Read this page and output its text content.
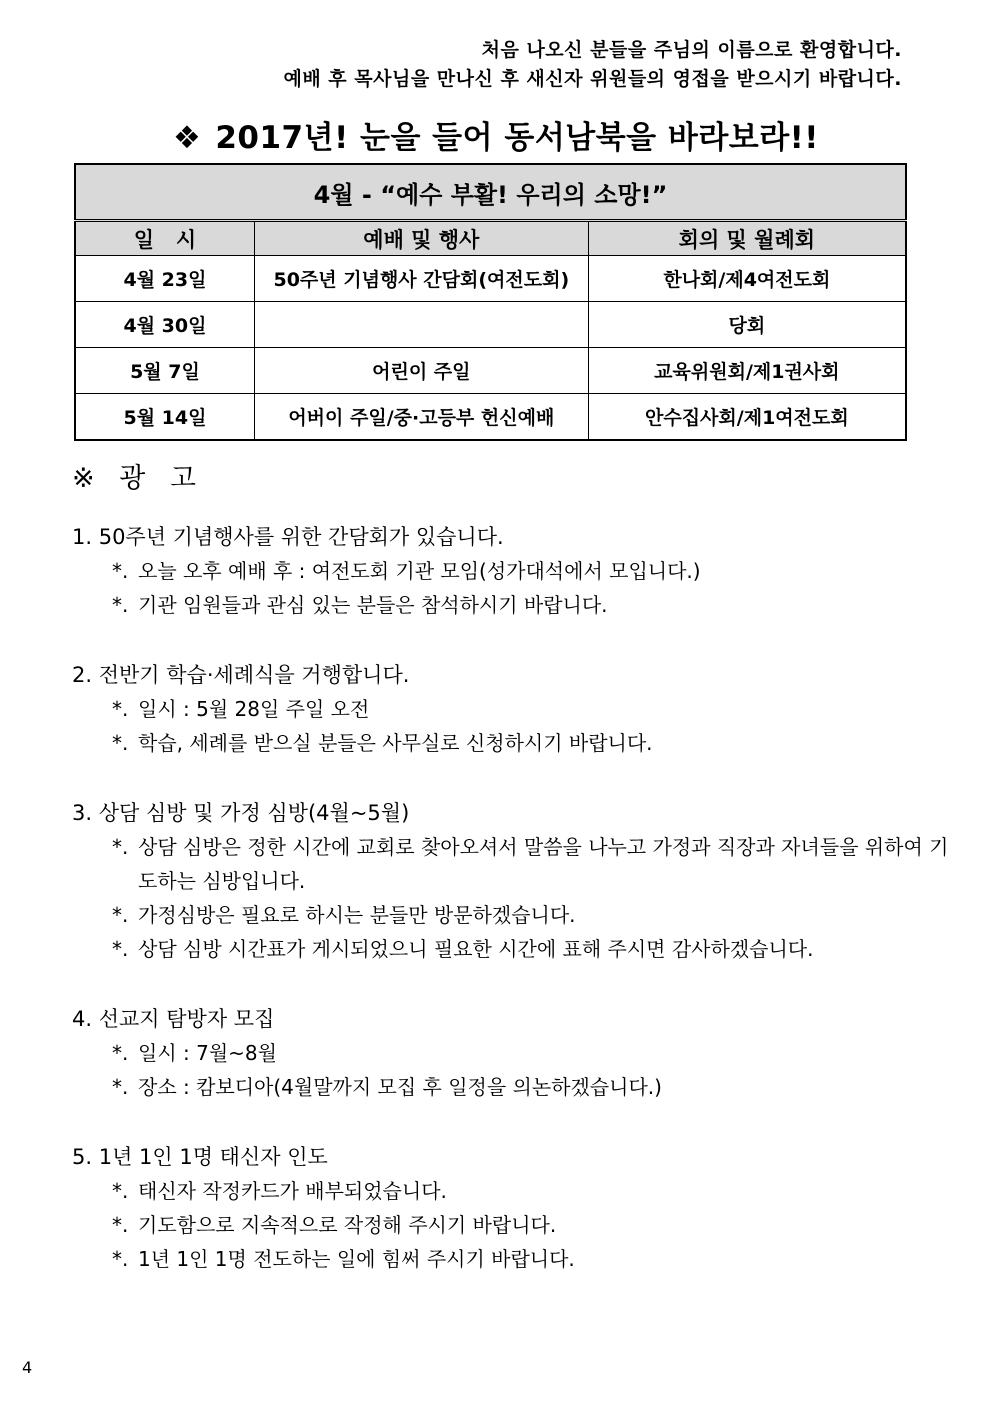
처음 나오신 분들을 주님의 이름으로 환영합니다.
예배 후 목사님을 만나신 후 새신자 위원들의 영접을 받으시기 바랍니다.
❖ 2017년! 눈을 들어 동서남북을 바라보라!!
4월 - “예수 부활! 우리의 소망!”		
일   시	예배 및 행사	회의 및 월례회
4월 23일	50주년 기념행사 간담회(여전도회)	한나회/제4여전도회
4월 30일		당회
5월 7일	어린이 주일	교육위원회/제1권사회
5월 14일	어버이 주일/중·고등부 헌신예배	안수집사회/제1여전도회
※ 광 고
1. 50주년 기념행사를 위한 간담회가 있습니다.
*. 오늘 오후 예배 후 : 여전도회 기관 모임(성가대석에서 모입니다.)
*. 기관 임원들과 관심 있는 분들은 참석하시기 바랍니다.
2. 전반기 학습·세례식을 거행합니다.
*. 일시 : 5월 28일 주일 오전
*. 학습, 세례를 받으실 분들은 사무실로 신청하시기 바랍니다.
3. 상담 심방 및 가정 심방(4월~5월)
*. 상담 심방은 정한 시간에 교회로 찾아오셔서 말씀을 나누고 가정과 직장과 자녀들을 위하여 기도하는 심방입니다.
*. 가정심방은 필요로 하시는 분들만 방문하겠습니다.
*. 상담 심방 시간표가 게시되었으니 필요한 시간에 표해 주시면 감사하겠습니다.
4. 선교지 탐방자 모집
*. 일시 : 7월~8월
*. 장소 : 캄보디아(4월말까지 모집 후 일정을 의논하겠습니다.)
5. 1년 1인 1명 태신자 인도
*. 태신자 작정카드가 배부되었습니다.
*. 기도함으로 지속적으로 작정해 주시기 바랍니다.
*. 1년 1인 1명 전도하는 일에 힘써 주시기 바랍니다.
4
